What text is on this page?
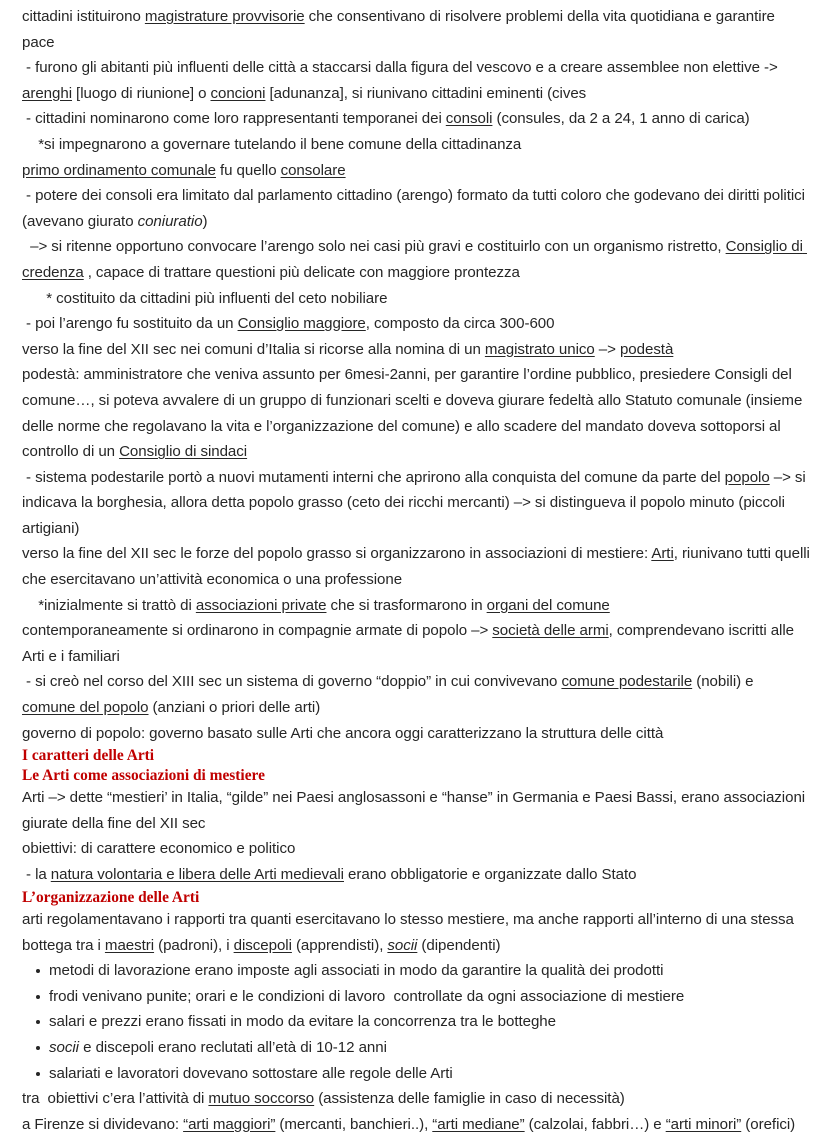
cittadini istituirono magistrature provvisorie che consentivano di risolvere problemi della vita quotidiana e garantire pace

- furono gli abitanti più influenti delle città a staccarsi dalla figura del vescovo e a creare assemblee non elettive -> arenghi [luogo di riunione] o concioni [adunanza], si riunivano cittadini eminenti (cives

- cittadini nominarono come loro rappresentanti temporanei dei consoli (consules, da 2 a 24, 1 anno di carica)

*si impegnarono a governare tutelando il bene comune della cittadinanza

primo ordinamento comunale fu quello consolare

- potere dei consoli era limitato dal parlamento cittadino (arengo) formato da tutti coloro che godevano dei diritti politici (avevano giurato coniuratio)

–> si ritenne opportuno convocare l’arengo solo nei casi più gravi e costituirlo con un organismo ristretto, Consiglio di credenza , capace di trattare questioni più delicate con maggiore prontezza

* costituito da cittadini più influenti del ceto nobiliare

- poi l’arengo fu sostituito da un Consiglio maggiore, composto da circa 300-600

verso la fine del XII sec nei comuni d’Italia si ricorse alla nomina di un magistrato unico –> podestà

podestà: amministratore che veniva assunto per 6mesi-2anni, per garantire l’ordine pubblico, presiedere Consigli del comune…, si poteva avvalere di un gruppo di funzionari scelti e doveva giurare fedeltà allo Statuto comunale (insieme delle norme che regolavano la vita e l’organizzazione del comune) e allo scadere del mandato doveva sottoporsi al controllo di un Consiglio di sindaci

- sistema podestarile portò a nuovi mutamenti interni che aprirono alla conquista del comune da parte del popolo –> si indicava la borghesia, allora detta popolo grasso (ceto dei ricchi mercanti) –> si distingueva il popolo minuto (piccoli artigiani)

verso la fine del XII sec le forze del popolo grasso si organizzarono in associazioni di mestiere: Arti, riunivano tutti quelli che esercitavano un’attività economica o una professione

*inizialmente si trattò di associazioni private che si trasformarono in organi del comune

contemporaneamente si ordinarono in compagnie armate di popolo –> società delle armi, comprendevano iscritti alle Arti e i familiari

- si creò nel corso del XIII sec un sistema di governo “doppio” in cui convivevano comune podestarile (nobili) e comune del popolo (anziani o priori delle arti)

governo di popolo: governo basato sulle Arti che ancora oggi caratterizzano la struttura delle città

I caratteri delle Arti

Le Arti come associazioni di mestiere

Arti –> dette “mestieri’ in Italia, “gilde” nei Paesi anglosassoni e “hanse” in Germania e Paesi Bassi, erano associazioni giurate della fine del XII sec

obiettivi: di carattere economico e politico

- la natura volontaria e libera delle Arti medievali erano obbligatorie e organizzate dallo Stato

L’organizzazione delle Arti

arti regolamentavano i rapporti tra quanti esercitavano lo stesso mestiere, ma anche rapporti all’interno di una stessa bottega tra i maestri (padroni), i discepoli (apprendisti), socii (dipendenti)

metodi di lavorazione erano imposte agli associati in modo da garantire la qualità dei prodotti
frodi venivano punite; orari e le condizioni di lavoro  controllate da ogni associazione di mestiere
salari e prezzi erano fissati in modo da evitare la concorrenza tra le botteghe
socii e discepoli erano reclutati all’età di 10-12 anni
salariati e lavoratori dovevano sottostare alle regole delle Arti

tra  obiettivi c’era l’attività di mutuo soccorso (assistenza delle famiglie in caso di necessità)

a Firenze si dividevano: “arti maggiori” (mercanti, banchieri..), “arti mediane” (calzolai, fabbri…) e “arti minori” (orefici)
